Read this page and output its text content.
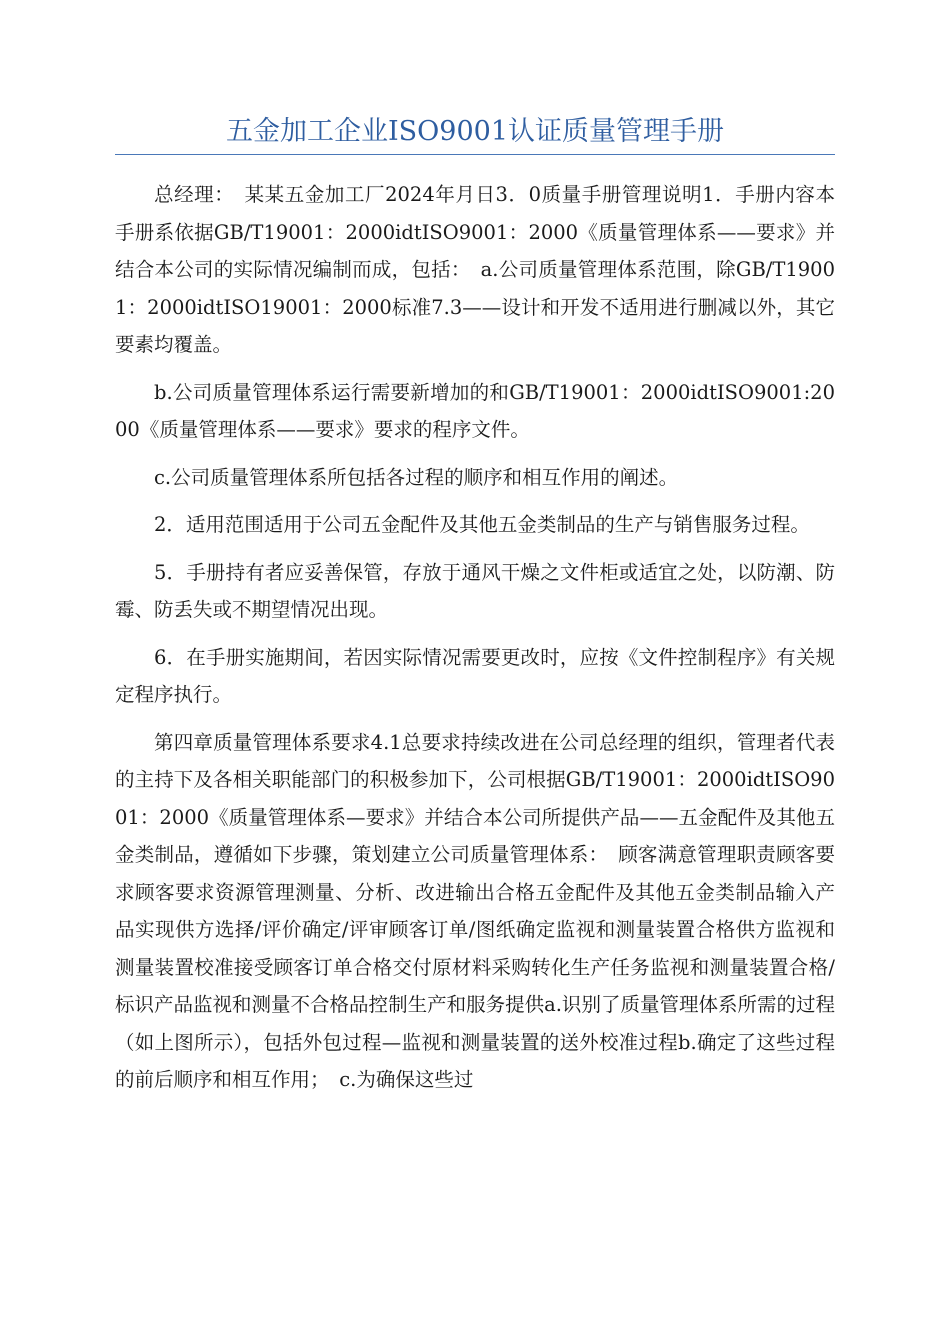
五金加工企业ISO9001认证质量管理手册

总经理：　某某五金加工厂2024年月日3．0质量手册管理说明1．手册内容本手册系依据GB/T19001：2000idtISO9001：2000《质量管理体系——要求》并结合本公司的实际情况编制而成，包括：　a.公司质量管理体系范围，除GB/T19001：2000idtISO19001：2000标准7.3——设计和开发不适用进行删减以外，其它要素均覆盖。

b.公司质量管理体系运行需要新增加的和GB/T19001：2000idtISO9001:2000《质量管理体系——要求》要求的程序文件。

c.公司质量管理体系所包括各过程的顺序和相互作用的阐述。

2．适用范围适用于公司五金配件及其他五金类制品的生产与销售服务过程。

5．手册持有者应妥善保管，存放于通风干燥之文件柜或适宜之处，以防潮、防霉、防丢失或不期望情况出现。

6．在手册实施期间，若因实际情况需要更改时，应按《文件控制程序》有关规定程序执行。

第四章质量管理体系要求4.1总要求持续改进在公司总经理的组织，管理者代表的主持下及各相关职能部门的积极参加下，公司根据GB/T19001：2000idtISO9001：2000《质量管理体系—要求》并结合本公司所提供产品——五金配件及其他五金类制品，遵循如下步骤，策划建立公司质量管理体系：　顾客满意管理职责顾客要求顾客要求资源管理测量、分析、改进输出合格五金配件及其他五金类制品输入产品实现供方选择/评价确定/评审顾客订单/图纸确定监视和测量装置合格供方监视和测量装置校准接受顾客订单合格交付原材料采购转化生产任务监视和测量装置合格/标识产品监视和测量不合格品控制生产和服务提供a.识别了质量管理体系所需的过程（如上图所示），包括外包过程—监视和测量装置的送外校准过程b.确定了这些过程的前后顺序和相互作用；　c.为确保这些过
